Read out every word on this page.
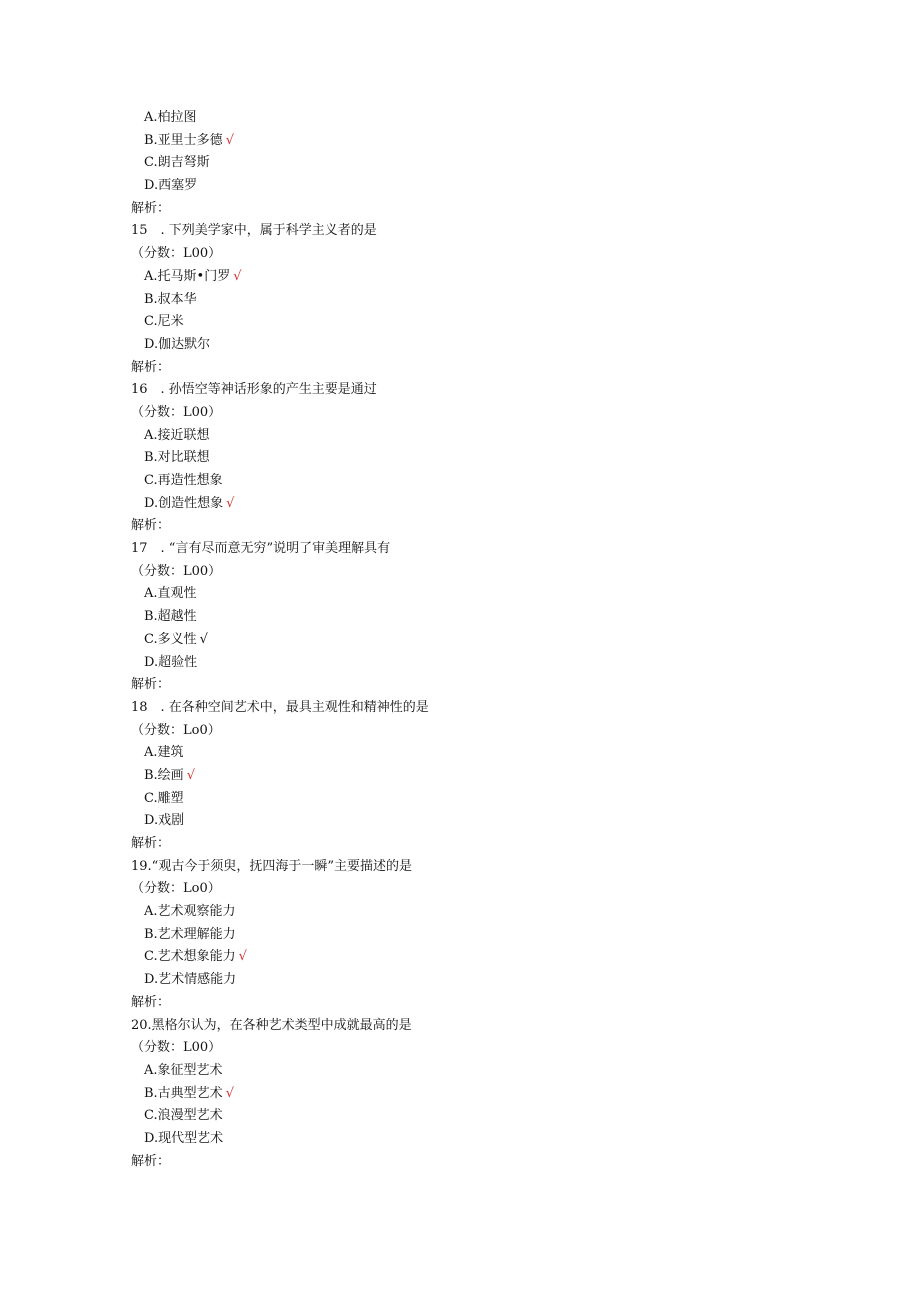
A.柏拉图
B.亚里士多德 √
C.朗吉弩斯
D.西塞罗
解析：
15　. 下列美学家中，属于科学主义者的是
（分数：L00）
A.托马斯•门罗 √
B.叔本华
C.尼米
D.伽达默尔
解析：
16　. 孙悟空等神话形象的产生主要是通过
（分数：L00）
A.接近联想
B.对比联想
C.再造性想象
D.创造性想象 √
解析：
17　. “言有尽而意无穷”说明了审美理解具有
（分数：L00）
A.直观性
B.超越性
C.多义性 √
D.超验性
解析：
18　. 在各种空间艺术中，最具主观性和精神性的是
（分数：Lo0）
A.建筑
B.绘画 √
C.雕塑
D.戏剧
解析：
19.“观古今于须臾，抚四海于一瞬”主要描述的是
（分数：Lo0）
A.艺术观察能力
B.艺术理解能力
C.艺术想象能力 √
D.艺术情感能力
解析：
20.黑格尔认为，在各种艺术类型中成就最高的是
（分数：L00）
A.象征型艺术
B.古典型艺术 √
C.浪漫型艺术
D.现代型艺术
解析：
